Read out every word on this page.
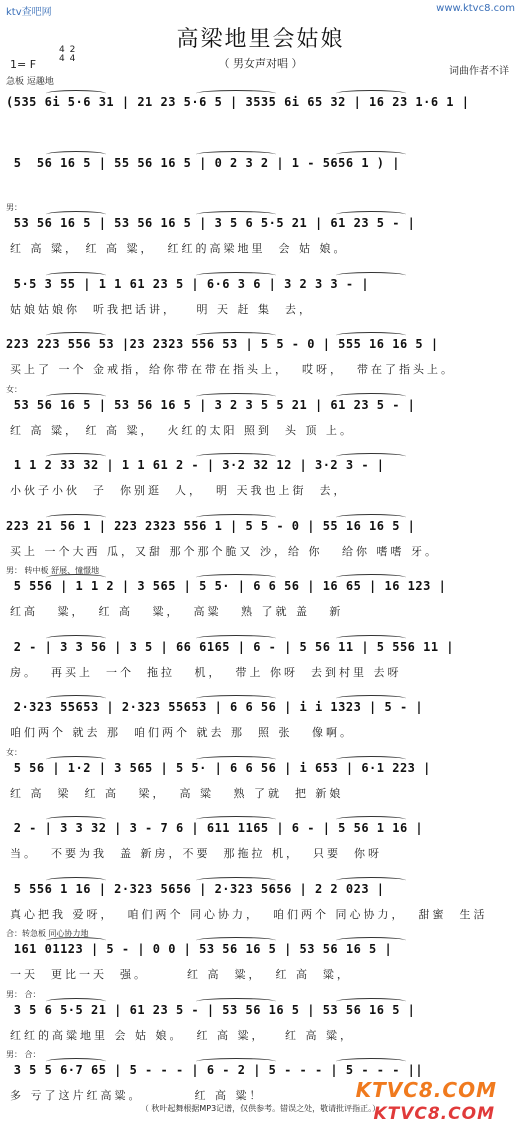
ktv查吧网	www.ktvc8.com
高梁地里会姑娘
（ 男女声对唱 ）
1= F
4 2
4 4
急板 逗趣地
词曲作者不详
(535 6i 5·6 31 | 21 23 5·6 5 | 3535 6i 65 32 | 16 23 1·6 1 |
5  56 16 5 | 55 56 16 5 | 0 2 3 2 | 1 - 5656 1 ) |
男：
53 56 16 5 | 53 56 16 5 | 3 5 6 5·5 21 | 61 23 5 - |
红 高 粱， 红 高 粱，  红红的高梁地里  会 姑 娘。
5·5 3 55 | 1 1 61 23 5 | 6·6 3 6 | 3 2 3 3 - |
姑娘姑娘你  听我把话讲，   明 天 赶 集  去，
223 223 556 53 |23 2323 556 53 | 5 5 - 0 | 555 16 16 5 |
买上了 一个 金戒指，给你带在带在指头上，  哎呀，  带在了指头上。
女：
53 56 16 5 | 53 56 16 5 | 3 2 3 5 5 21 | 61 23 5 - |
红 高 粱， 红 高 粱，  火红的太阳 照到  头 顶 上。
1 1 2 33 32 | 1 1 61 2 - | 3·2 32 12 | 3·2 3 - |
小伙子小伙  子  你别逛  人，  明 天我也上街  去，
223 21 56 1 | 223 2323 556 1 | 5 5 - 0 | 55 16 16 5 |
买上 一个大西 瓜，又甜 那个那个脆又 沙，给 你   给你 嗜嗜 牙。
男： 转中板 舒展、憧憬地
5 556 | 1 1 2 | 3 565 | 5 5· | 6 6 56 | 16 65 | 16 123 |
红高   粱，  红 高   粱，  高粱   熟 了就 盖   新
2 - | 3 3 56 | 3 5 | 66 6165 | 6 - | 5 56 11 | 5 556 11 |
房。  再买上  一个  拖拉   机，  带上 你呀  去到村里 去呀
2·323 55653 | 2·323 55653 | 6 6 56 | i i 1323 | 5 - |
咱们两个 就去 那  咱们两个 就去 那  照 张   像啊。
女：
5 56 | 1·2 | 3 565 | 5 5· | 6 6 56 | i 653 | 6·1 223 |
红 高  梁  红 高   梁，  高 粱   熟 了就  把 新娘
2 - | 3 3 32 | 3 - 7 6 | 611 1165 | 6 - | 5 56 1 16 |
当。  不要为我  盖 新房，不要  那拖拉 机，  只要  你呀
5 556 1 16 | 2·323 5656 | 2·323 5656 | 2 2 023 |
真心把我 爱呀，  咱们两个 同心协力，  咱们两个 同心协力，  甜蜜  生活
合：转急板 同心协力地
161 01123 | 5 - | 0 0 | 53 56 16 5 | 53 56 16 5 |
一天  更比一天  强。      红 高  粱，  红 高  粱，
男： 合：
3 5 6 5·5 21 | 61 23 5 - | 53 56 16 5 | 53 56 16 5 |
红红的高粱地里 会 姑 娘。  红 高 粱，   红 高 粱，
男： 合：
3 5 5 6·7 65 | 5 - - - | 6 - 2 | 5 - - - | 5 - - - ||
多 亏了这片红高粱。        红 高 粱！
（ 秋叶起舞根据MP3记谱，仅供参考。错误之处，敬请批评指正。）
KTVC8.COM
KTVC8.COM
